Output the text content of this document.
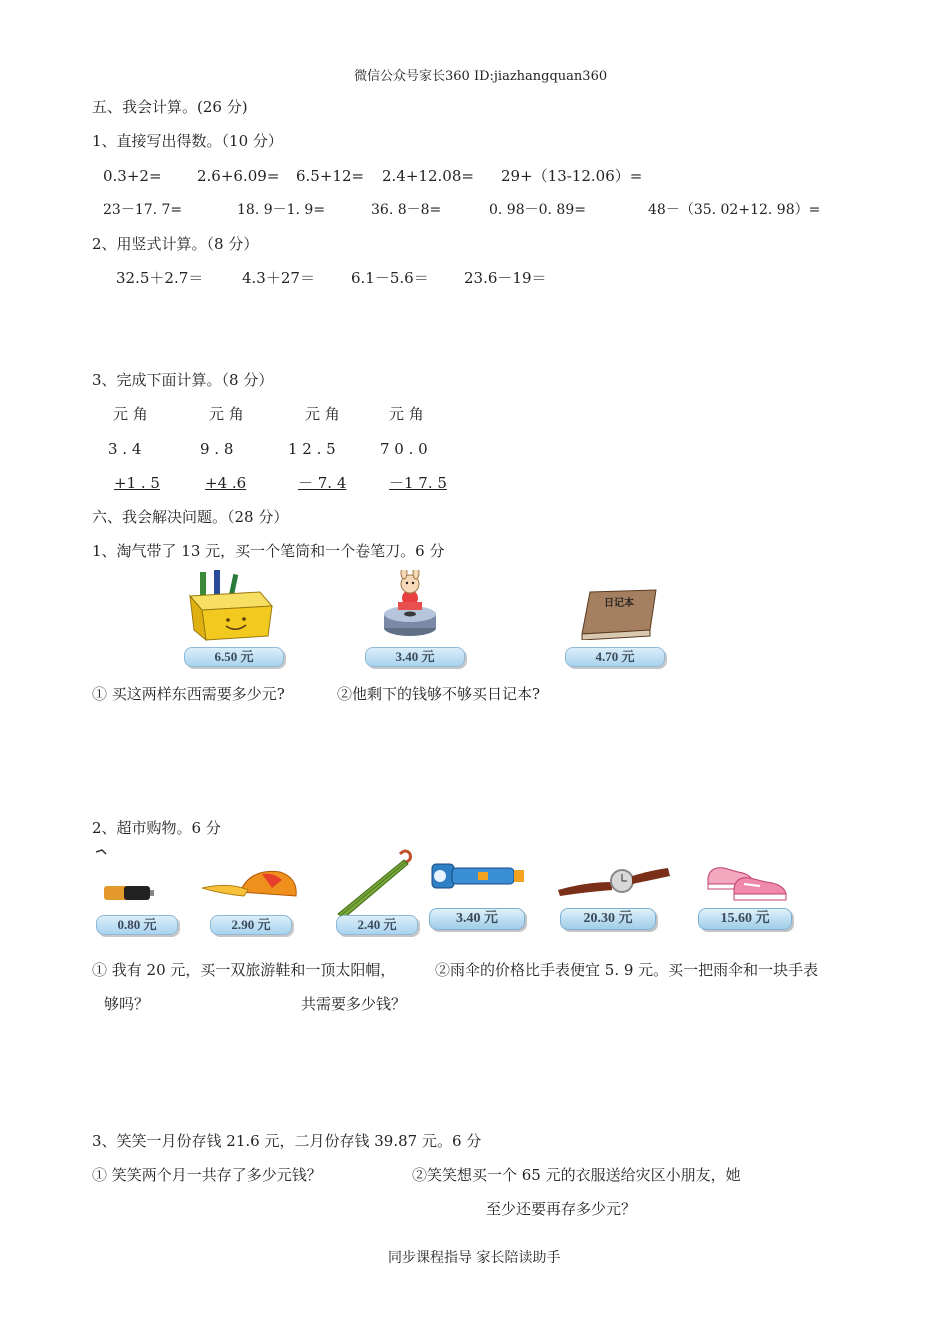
微信公众号家长360 ID:jiazhangquan360
五、我会计算。(26 分)
1、直接写出得数。（10 分）
0.3+2= 2.6+6.09= 6.5+12= 2.4+12.08= 29+（13-12.06）=
23－17. 7=	18. 9－1. 9=	36. 8－8=	0. 98－0. 89=	48－（35. 02+12. 98）=
2、用竖式计算。（8 分）
32.5＋2.7＝	4.3＋27＝ 6.1－5.6＝ 23.6－19＝
3、完成下面计算。（8 分）
元 角	元 角	元 角	元 角
3 . 4	9 . 8	1 2 . 5	7 0 . 0
+1 . 5	+4 .6	－ 7. 4	－1 7. 5
六、我会解决问题。（28 分）
1、淘气带了 13 元，买一个笔筒和一个卷笔刀。6 分
6.50 元	3.40 元
日记本
4.70 元
① 买这两样东西需要多少元?	②他剩下的钱够不够买日记本?
2、超市购物。6 分
0.80 元	2.90 元	2.40 元	3.40 元	20.30 元	15.60 元
① 我有 20 元，买一双旅游鞋和一顶太阳帽，	②雨伞的价格比手表便宜 5. 9 元。买一把雨伞和一块手表
够吗？	共需要多少钱？
3、笑笑一月份存钱 21.6 元，二月份存钱 39.87 元。6 分
① 笑笑两个月一共存了多少元钱？	②笑笑想买一个 65 元的衣服送给灾区小朋友，她
至少还要再存多少元？
同步课程指导 家长陪读助手
